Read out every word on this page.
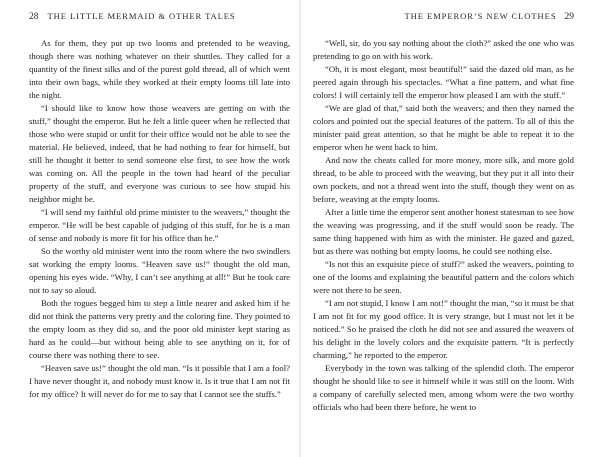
28 THE LITTLE MERMAID & OTHER TALES

As for them, they put up two looms and pretended to be weaving, though there was nothing whatever on their shuttles. They called for a quantity of the finest silks and of the purest gold thread, all of which went into their own bags, while they worked at their empty looms till late into the night.

“I should like to know how those weavers are getting on with the stuff,” thought the emperor. But he felt a little queer when he reflected that those who were stupid or unfit for their office would not be able to see the material. He believed, indeed, that he had nothing to fear for himself, but still he thought it better to send someone else first, to see how the work was coming on. All the people in the town had heard of the peculiar property of the stuff, and everyone was curious to see how stupid his neighbor might be.

“I will send my faithful old prime minister to the weavers,” thought the emperor. “He will be best capable of judging of this stuff, for he is a man of sense and nobody is more fit for his office than he.”

So the worthy old minister went into the room where the two swindlers sat working the empty looms. “Heaven save us!” thought the old man, opening his eyes wide. “Why, I can’t see anything at all!” But he took care not to say so aloud.

Both the rogues begged him to step a little nearer and asked him if he did not think the patterns very pretty and the coloring fine. They pointed to the empty loom as they did so, and the poor old minister kept staring as hard as he could—but without being able to see anything on it, for of course there was nothing there to see.

“Heaven save us!” thought the old man. “Is it possible that I am a fool? I have never thought it, and nobody must know it. Is it true that I am not fit for my office? It will never do for me to say that I cannot see the stuffs.”

THE EMPEROR’S NEW CLOTHES 29

“Well, sir, do you say nothing about the cloth?” asked the one who was pretending to go on with his work.

“Oh, it is most elegant, most beautiful!” said the dazed old man, as he peered again through his spectacles. “What a fine pattern, and what fine colors! I will certainly tell the emperor how pleased I am with the stuff.”

“We are glad of that,” said both the weavers; and then they named the colors and pointed out the special features of the pattern. To all of this the minister paid great attention, so that he might be able to repeat it to the emperor when he went back to him.

And now the cheats called for more money, more silk, and more gold thread, to be able to proceed with the weaving, but they put it all into their own pockets, and not a thread went into the stuff, though they went on as before, weaving at the empty looms.

After a little time the emperor sent another honest statesman to see how the weaving was progressing, and if the stuff would soon be ready. The same thing happened with him as with the minister. He gazed and gazed, but as there was nothing but empty looms, he could see nothing else.

“Is not this an exquisite piece of stuff?” asked the weavers, pointing to one of the looms and explaining the beautiful pattern and the colors which were not there to be seen.

“I am not stupid, I know I am not!” thought the man, “so it must be that I am not fit for my good office. It is very strange, but I must not let it be noticed.” So he praised the cloth he did not see and assured the weavers of his delight in the lovely colors and the exquisite pattern. “It is perfectly charming,” he reported to the emperor.

Everybody in the town was talking of the splendid cloth. The emperor thought he should like to see it himself while it was still on the loom. With a company of carefully selected men, among whom were the two worthy officials who had been there before, he went to
